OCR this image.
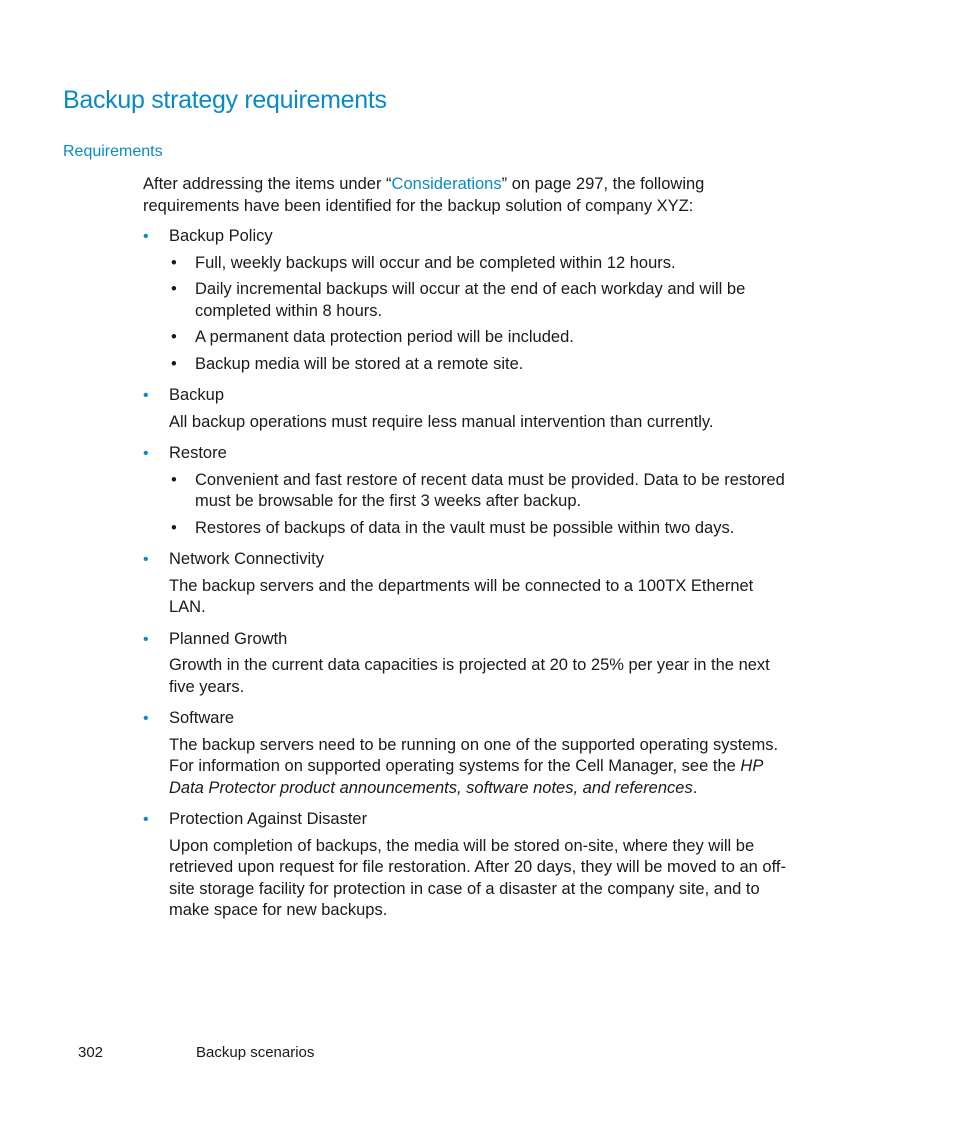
Backup strategy requirements
Requirements

After addressing the items under “Considerations” on page 297, the following requirements have been identified for the backup solution of company XYZ:

• Backup Policy
• Full, weekly backups will occur and be completed within 12 hours.
• Daily incremental backups will occur at the end of each workday and will be completed within 8 hours.
• A permanent data protection period will be included.
• Backup media will be stored at a remote site.
• Backup
All backup operations must require less manual intervention than currently.
• Restore
• Convenient and fast restore of recent data must be provided. Data to be restored must be browsable for the first 3 weeks after backup.
• Restores of backups of data in the vault must be possible within two days.
• Network Connectivity
The backup servers and the departments will be connected to a 100TX Ethernet LAN.
• Planned Growth
Growth in the current data capacities is projected at 20 to 25% per year in the next five years.
• Software
The backup servers need to be running on one of the supported operating systems. For information on supported operating systems for the Cell Manager, see the HP Data Protector product announcements, software notes, and references.
• Protection Against Disaster
Upon completion of backups, the media will be stored on-site, where they will be retrieved upon request for file restoration. After 20 days, they will be moved to an off-site storage facility for protection in case of a disaster at the company site, and to make space for new backups.
302	Backup scenarios
